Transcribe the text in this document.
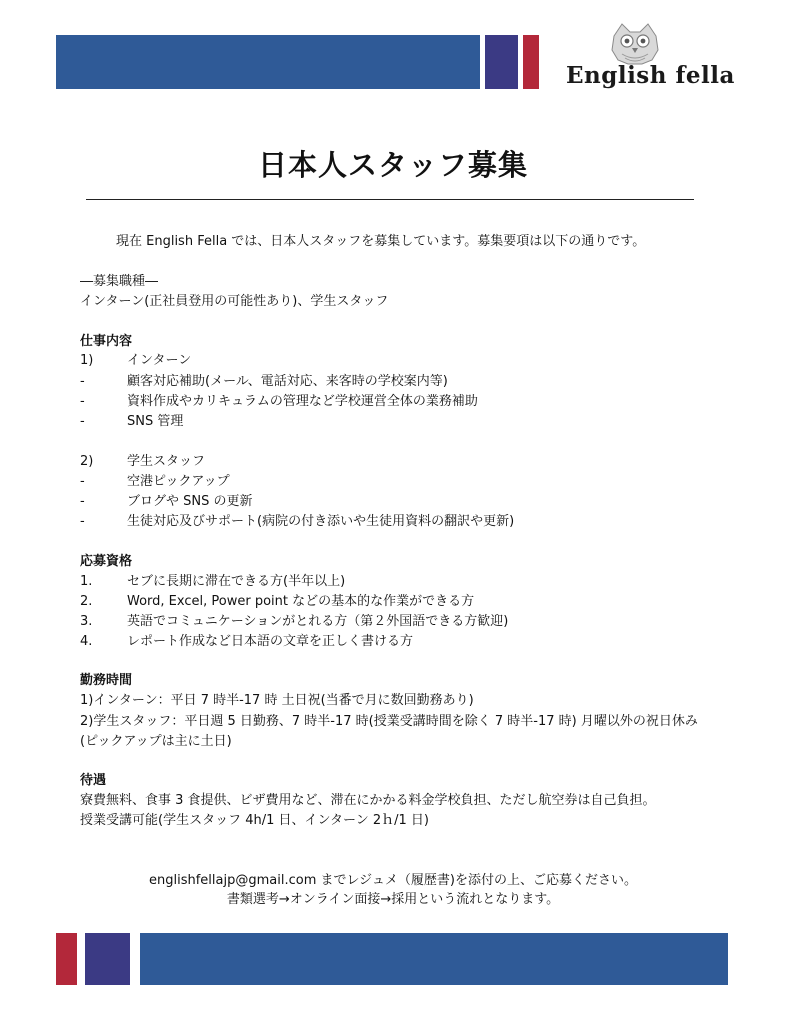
English fella
日本人スタッフ募集
現在 English Fella では、日本人スタッフを募集しています。募集要項は以下の通りです。
―募集職種―
インターン(正社員登用の可能性あり)、学生スタッフ
仕事内容
1)	インターン
-	顧客対応補助(メール、電話対応、来客時の学校案内等)
-	資料作成やカリキュラムの管理など学校運営全体の業務補助
-	SNS 管理
2)	学生スタッフ
-	空港ピックアップ
-	ブログや SNS の更新
-	生徒対応及びサポート(病院の付き添いや生徒用資料の翻訳や更新)
応募資格
1.	セブに長期に滞在できる方(半年以上)
2.	Word, Excel, Power point などの基本的な作業ができる方
3.	英語でコミュニケーションがとれる方（第２外国語できる方歓迎)
4.	レポート作成など日本語の文章を正しく書ける方
勤務時間
1)インターン：平日 7 時半-17 時 土日祝(当番で月に数回勤務あり)
2)学生スタッフ：平日週 5 日勤務、7 時半-17 時(授業受講時間を除く 7 時半-17 時) 月曜以外の祝日休み
(ピックアップは主に土日)
待遇
寮費無料、食事 3 食提供、ビザ費用など、滞在にかかる料金学校負担、ただし航空券は自己負担。
授業受講可能(学生スタッフ 4h/1 日、インターン 2ｈ/1 日)
englishfellajp@gmail.com までレジュメ（履歴書)を添付の上、ご応募ください。
書類選考→オンライン面接→採用という流れとなります。
